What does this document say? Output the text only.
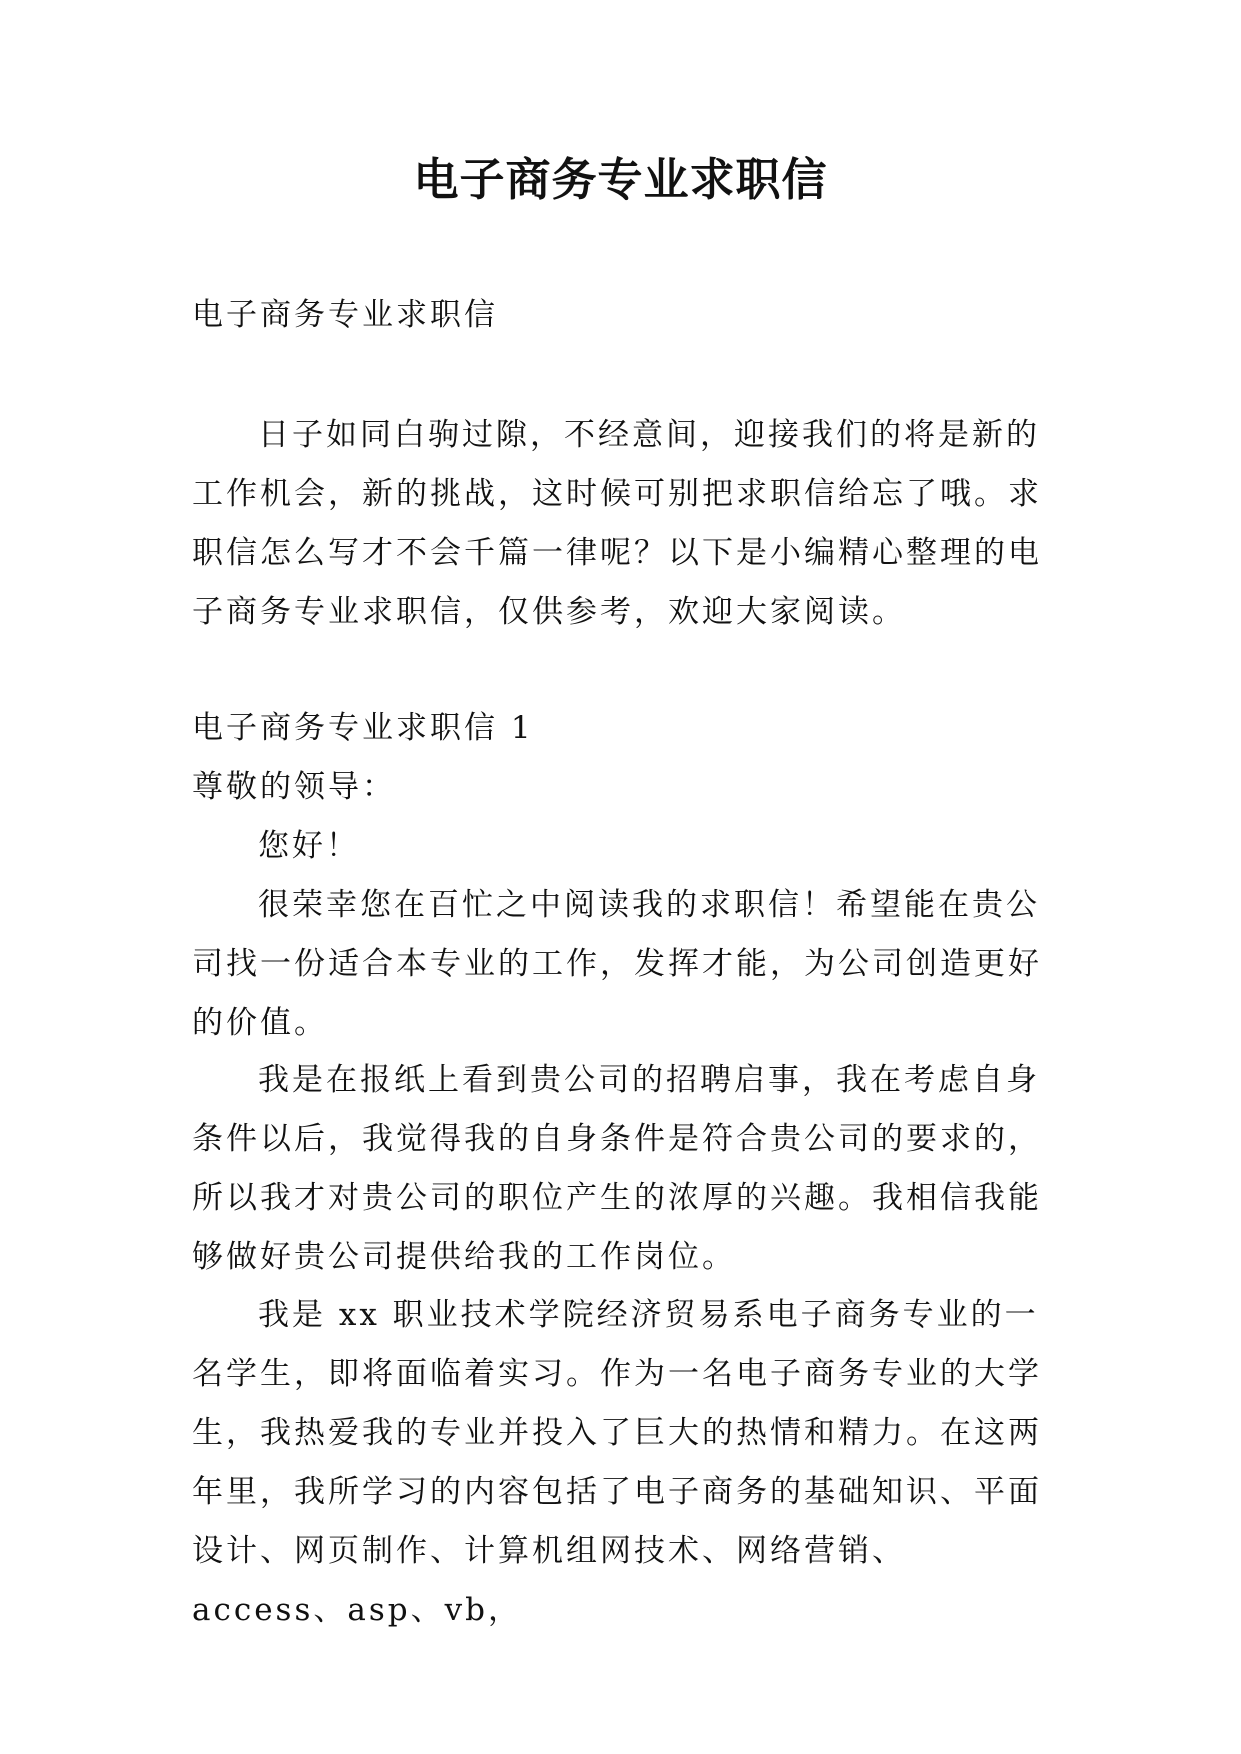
电子商务专业求职信

电子商务专业求职信

日子如同白驹过隙，不经意间，迎接我们的将是新的工作机会，新的挑战，这时候可别把求职信给忘了哦。求职信怎么写才不会千篇一律呢？以下是小编精心整理的电子商务专业求职信，仅供参考，欢迎大家阅读。

电子商务专业求职信 1

尊敬的领导：

您好！

很荣幸您在百忙之中阅读我的求职信！希望能在贵公司找一份适合本专业的工作，发挥才能，为公司创造更好的价值。

我是在报纸上看到贵公司的招聘启事，我在考虑自身条件以后，我觉得我的自身条件是符合贵公司的要求的，所以我才对贵公司的职位产生的浓厚的兴趣。我相信我能够做好贵公司提供给我的工作岗位。

我是 xx 职业技术学院经济贸易系电子商务专业的一名学生，即将面临着实习。作为一名电子商务专业的大学生，我热爱我的专业并投入了巨大的热情和精力。在这两年里，我所学习的内容包括了电子商务的基础知识、平面设计、网页制作、计算机组网技术、网络营销、access、asp、vb，
